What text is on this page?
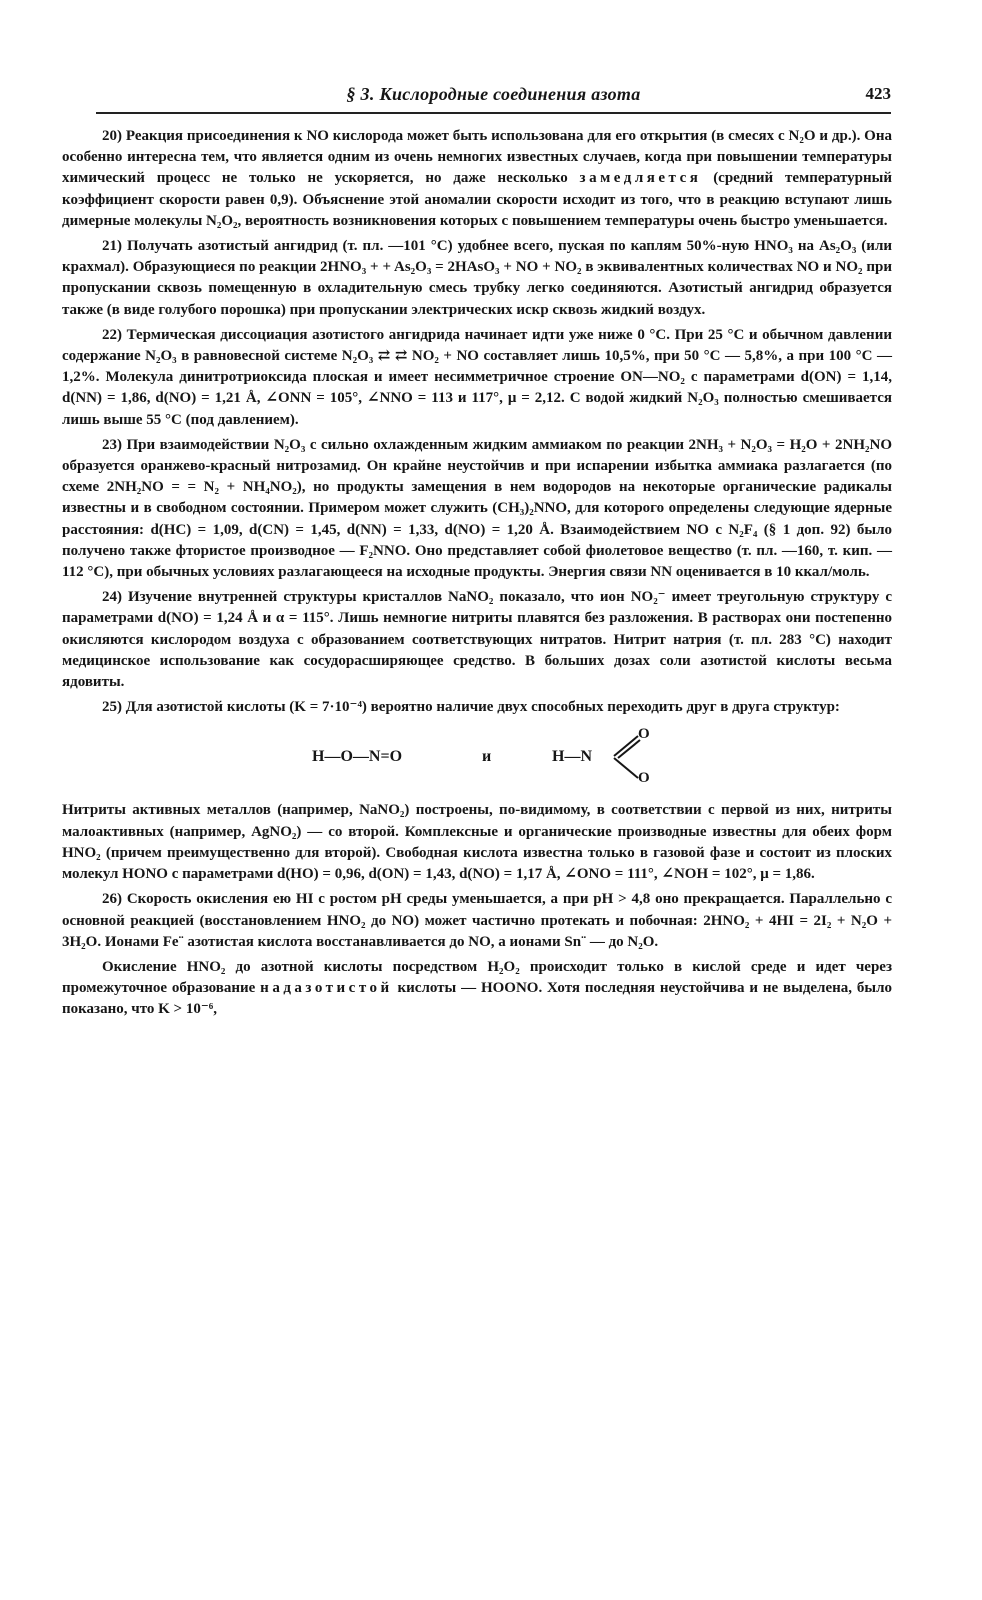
§ 3. Кислородные соединения азота	423

20) Реакция присоединения к NO кислорода может быть использована для его открытия (в смесях с N₂O и др.). Она особенно интересна тем, что является одним из очень немногих известных случаев, когда при повышении температуры химический процесс не только не ускоряется, но даже несколько замедляется (средний температурный коэффициент скорости равен 0,9). Объяснение этой аномалии скорости исходит из того, что в реакцию вступают лишь димерные молекулы N₂O₂, вероятность возникновения которых с повышением температуры очень быстро уменьшается.

21) Получать азотистый ангидрид (т. пл. —101 °С) удобнее всего, пуская по каплям 50%-ную HNO₃ на As₂O₃ (или крахмал). Образующиеся по реакции 2HNO₃ + + As₂O₃ = 2HAsO₃ + NO + NO₂ в эквивалентных количествах NO и NO₂ при пропускании сквозь помещенную в охладительную смесь трубку легко соединяются. Азотистый ангидрид образуется также (в виде голубого порошка) при пропускании электрических искр сквозь жидкий воздух.

22) Термическая диссоциация азотистого ангидрида начинает идти уже ниже 0 °С. При 25 °С и обычном давлении содержание N₂O₃ в равновесной системе N₂O₃ ⇄ ⇄ NO₂ + NO составляет лишь 10,5%, при 50 °С — 5,8%, а при 100 °С — 1,2%. Молекула динитротриоксида плоская и имеет несимметричное строение ON—NO₂ с параметрами d(ON) = 1,14, d(NN) = 1,86, d(NO) = 1,21 Å, ∠ONN = 105°, ∠NNO = 113 и 117°, μ = 2,12. С водой жидкий N₂O₃ полностью смешивается лишь выше 55 °С (под давлением).

23) При взаимодействии N₂O₃ с сильно охлажденным жидким аммиаком по реакции 2NH₃ + N₂O₃ = H₂O + 2NH₂NO образуется оранжево-красный нитрозамид. Он крайне неустойчив и при испарении избытка аммиака разлагается (по схеме 2NH₂NO = = N₂ + NH₄NO₂), но продукты замещения в нем водородов на некоторые органические радикалы известны и в свободном состоянии. Примером может служить (CH₃)₂NNO, для которого определены следующие ядерные расстояния: d(HC) = 1,09, d(CN) = 1,45, d(NN) = 1,33, d(NO) = 1,20 Å. Взаимодействием NO с N₂F₄ (§ 1 доп. 92) было получено также фтористое производное — F₂NNO. Оно представляет собой фиолетовое вещество (т. пл. —160, т. кип. —112 °С), при обычных условиях разлагающееся на исходные продукты. Энергия связи NN оценивается в 10 ккал/моль.

24) Изучение внутренней структуры кристаллов NaNO₂ показало, что ион NO₂⁻ имеет треугольную структуру с параметрами d(NO) = 1,24 Å и α = 115°. Лишь немногие нитриты плавятся без разложения. В растворах они постепенно окисляются кислородом воздуха с образованием соответствующих нитратов. Нитрит натрия (т. пл. 283 °С) находит медицинское использование как сосудорасширяющее средство. В больших дозах соли азотистой кислоты весьма ядовиты.

25) Для азотистой кислоты (K = 7·10⁻⁴) вероятно наличие двух способных переходить друг в друга структур:

H—O—N=O	и	H—N
O
O

Нитриты активных металлов (например, NaNO₂) построены, по-видимому, в соответствии с первой из них, нитриты малоактивных (например, AgNO₂) — со второй. Комплексные и органические производные известны для обеих форм HNO₂ (причем преимущественно для второй). Свободная кислота известна только в газовой фазе и состоит из плоских молекул HONO с параметрами d(HO) = 0,96, d(ON) = 1,43, d(NO) = 1,17 Å, ∠ONO = 111°, ∠NOH = 102°, μ = 1,86.

26) Скорость окисления ею HI с ростом pH среды уменьшается, а при pH > 4,8 оно прекращается. Параллельно с основной реакцией (восстановлением HNO₂ до NO) может частично протекать и побочная: 2HNO₂ + 4HI = 2I₂ + N₂O + 3H₂O. Ионами Fe¨ азотистая кислота восстанавливается до NO, а ионами Sn¨ — до N₂O.

Окисление HNO₂ до азотной кислоты посредством H₂O₂ происходит только в кислой среде и идет через промежуточное образование надазотистой кислоты — HOONO. Хотя последняя неустойчива и не выделена, было показано, что K > 10⁻⁶,
